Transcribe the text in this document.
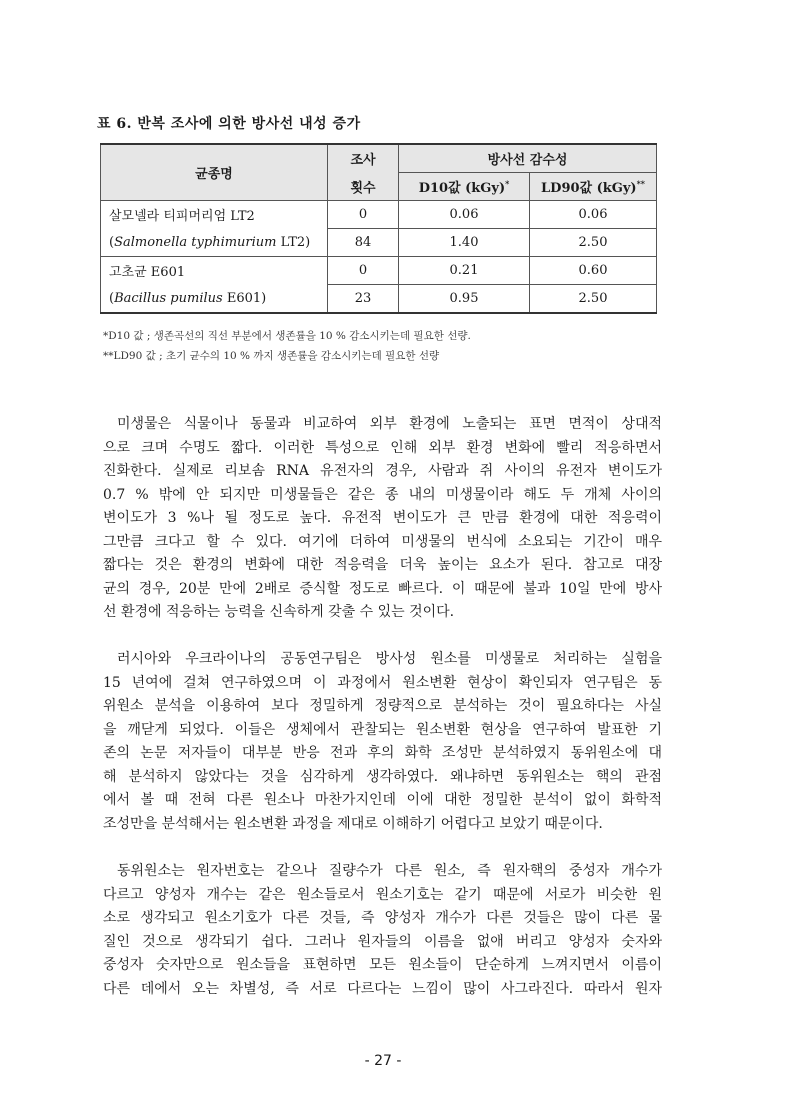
표 6. 반복 조사에 의한 방사선 내성 증가
균종명	조사	방사선 감수성	
	횟수	D10값 (kGy)*	LD90값 (kGy)**
살모넬라 티피머리엄 LT2	0	0.06	0.06
(Salmonella typhimurium LT2)	84	1.40	2.50
고초균 E601	0	0.21	0.60
(Bacillus pumilus E601)	23	0.95	2.50
*D10 값 ; 생존곡선의 직선 부분에서 생존률을 10 % 감소시키는데 필요한 선량.
**LD90 값 ; 초기 균수의 10 % 까지 생존률을 감소시키는데 필요한 선량
미생물은 식물이나 동물과 비교하여 외부 환경에 노출되는 표면 면적이 상대적
으로 크며 수명도 짧다. 이러한 특성으로 인해 외부 환경 변화에 빨리 적응하면서
진화한다. 실제로 리보솜 RNA 유전자의 경우, 사람과 쥐 사이의 유전자 변이도가
0.7 % 밖에 안 되지만 미생물들은 같은 종 내의 미생물이라 해도 두 개체 사이의
변이도가 3 %나 될 정도로 높다. 유전적 변이도가 큰 만큼 환경에 대한 적응력이
그만큼 크다고 할 수 있다. 여기에 더하여 미생물의 번식에 소요되는 기간이 매우
짧다는 것은 환경의 변화에 대한 적응력을 더욱 높이는 요소가 된다. 참고로 대장
균의 경우, 20분 만에 2배로 증식할 정도로 빠르다. 이 때문에 불과 10일 만에 방사
선 환경에 적응하는 능력을 신속하게 갖출 수 있는 것이다.
러시아와 우크라이나의 공동연구팀은 방사성 원소를 미생물로 처리하는 실험을
15 년여에 걸쳐 연구하였으며 이 과정에서 원소변환 현상이 확인되자 연구팀은 동
위원소 분석을 이용하여 보다 정밀하게 정량적으로 분석하는 것이 필요하다는 사실
을 깨닫게 되었다. 이들은 생체에서 관찰되는 원소변환 현상을 연구하여 발표한 기
존의 논문 저자들이 대부분 반응 전과 후의 화학 조성만 분석하였지 동위원소에 대
해 분석하지 않았다는 것을 심각하게 생각하였다. 왜냐하면 동위원소는 핵의 관점
에서 볼 때 전혀 다른 원소나 마찬가지인데 이에 대한 정밀한 분석이 없이 화학적
조성만을 분석해서는 원소변환 과정을 제대로 이해하기 어렵다고 보았기 때문이다.
동위원소는 원자번호는 같으나 질량수가 다른 원소, 즉 원자핵의 중성자 개수가
다르고 양성자 개수는 같은 원소들로서 원소기호는 같기 때문에 서로가 비슷한 원
소로 생각되고 원소기호가 다른 것들, 즉 양성자 개수가 다른 것들은 많이 다른 물
질인 것으로 생각되기 쉽다. 그러나 원자들의 이름을 없애 버리고 양성자 숫자와
중성자 숫자만으로 원소들을 표현하면 모든 원소들이 단순하게 느껴지면서 이름이
다른 데에서 오는 차별성, 즉 서로 다르다는 느낌이 많이 사그라진다. 따라서 원자
- 27 -
